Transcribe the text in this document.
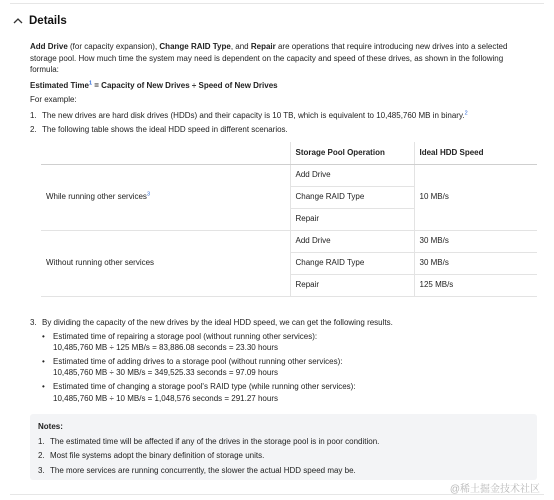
Details

Add Drive (for capacity expansion), Change RAID Type, and Repair are operations that require introducing new drives into a selected storage pool. How much time the system may need is dependent on the capacity and speed of these drives, as shown in the following formula:

Estimated Time$^1$ = Capacity of New Drives ÷ Speed of New Drives

For example:

1. The new drives are hard disk drives (HDDs) and their capacity is 10 TB, which is equivalent to 10,485,760 MB in binary.$^2$
2. The following table shows the ideal HDD speed in different scenarios.
	Storage Pool Operation	Ideal HDD Speed
While running other services$^3$	Add Drive	10 MB/s
	Change RAID Type	
	Repair	
Without running other services	Add Drive	30 MB/s
	Change RAID Type	30 MB/s
	Repair	125 MB/s
3. By dividing the capacity of the new drives by the ideal HDD speed, we can get the following results.
•	Estimated time of repairing a storage pool (without running other services):
10,485,760 MB ÷ 125 MB/s = 83,886.08 seconds = 23.30 hours
•	Estimated time of adding drives to a storage pool (without running other services):
10,485,760 MB ÷ 30 MB/s = 349,525.33 seconds = 97.09 hours
•	Estimated time of changing a storage pool's RAID type (while running other services):
10,485,760 MB ÷ 10 MB/s = 1,048,576 seconds = 291.27 hours
Notes:
1. The estimated time will be affected if any of the drives in the storage pool is in poor condition.
2. Most file systems adopt the binary definition of storage units.
3. The more services are running concurrently, the slower the actual HDD speed may be.
@稀土掘金技术社区
